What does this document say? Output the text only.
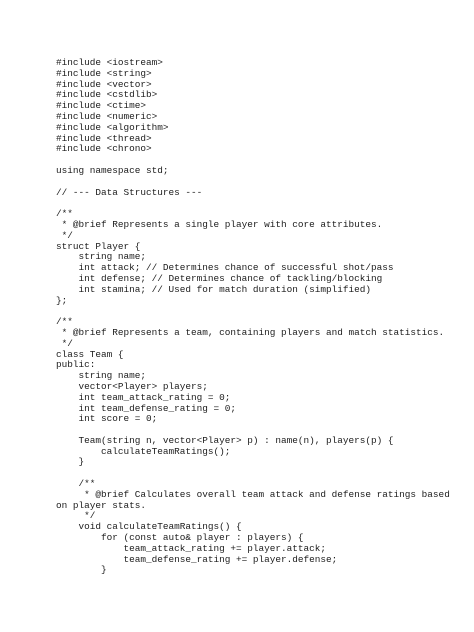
#include <iostream>
#include <string>
#include <vector>
#include <cstdlib>
#include <ctime>
#include <numeric>
#include <algorithm>
#include <thread>
#include <chrono>
using namespace std;
// --- Data Structures ---
/**
* @brief Represents a single player with core attributes.
*/
struct Player {
string name;
int attack; // Determines chance of successful shot/pass
int defense; // Determines chance of tackling/blocking
int stamina; // Used for match duration (simplified)
};
/**
* @brief Represents a team, containing players and match statistics.
*/
class Team {
public:
string name;
vector<Player> players;
int team_attack_rating = 0;
int team_defense_rating = 0;
int score = 0;
Team(string n, vector<Player> p) : name(n), players(p) {
calculateTeamRatings();
}
/**
* @brief Calculates overall team attack and defense ratings based
on player stats.
*/
void calculateTeamRatings() {
for (const auto& player : players) {
team_attack_rating += player.attack;
team_defense_rating += player.defense;
}
